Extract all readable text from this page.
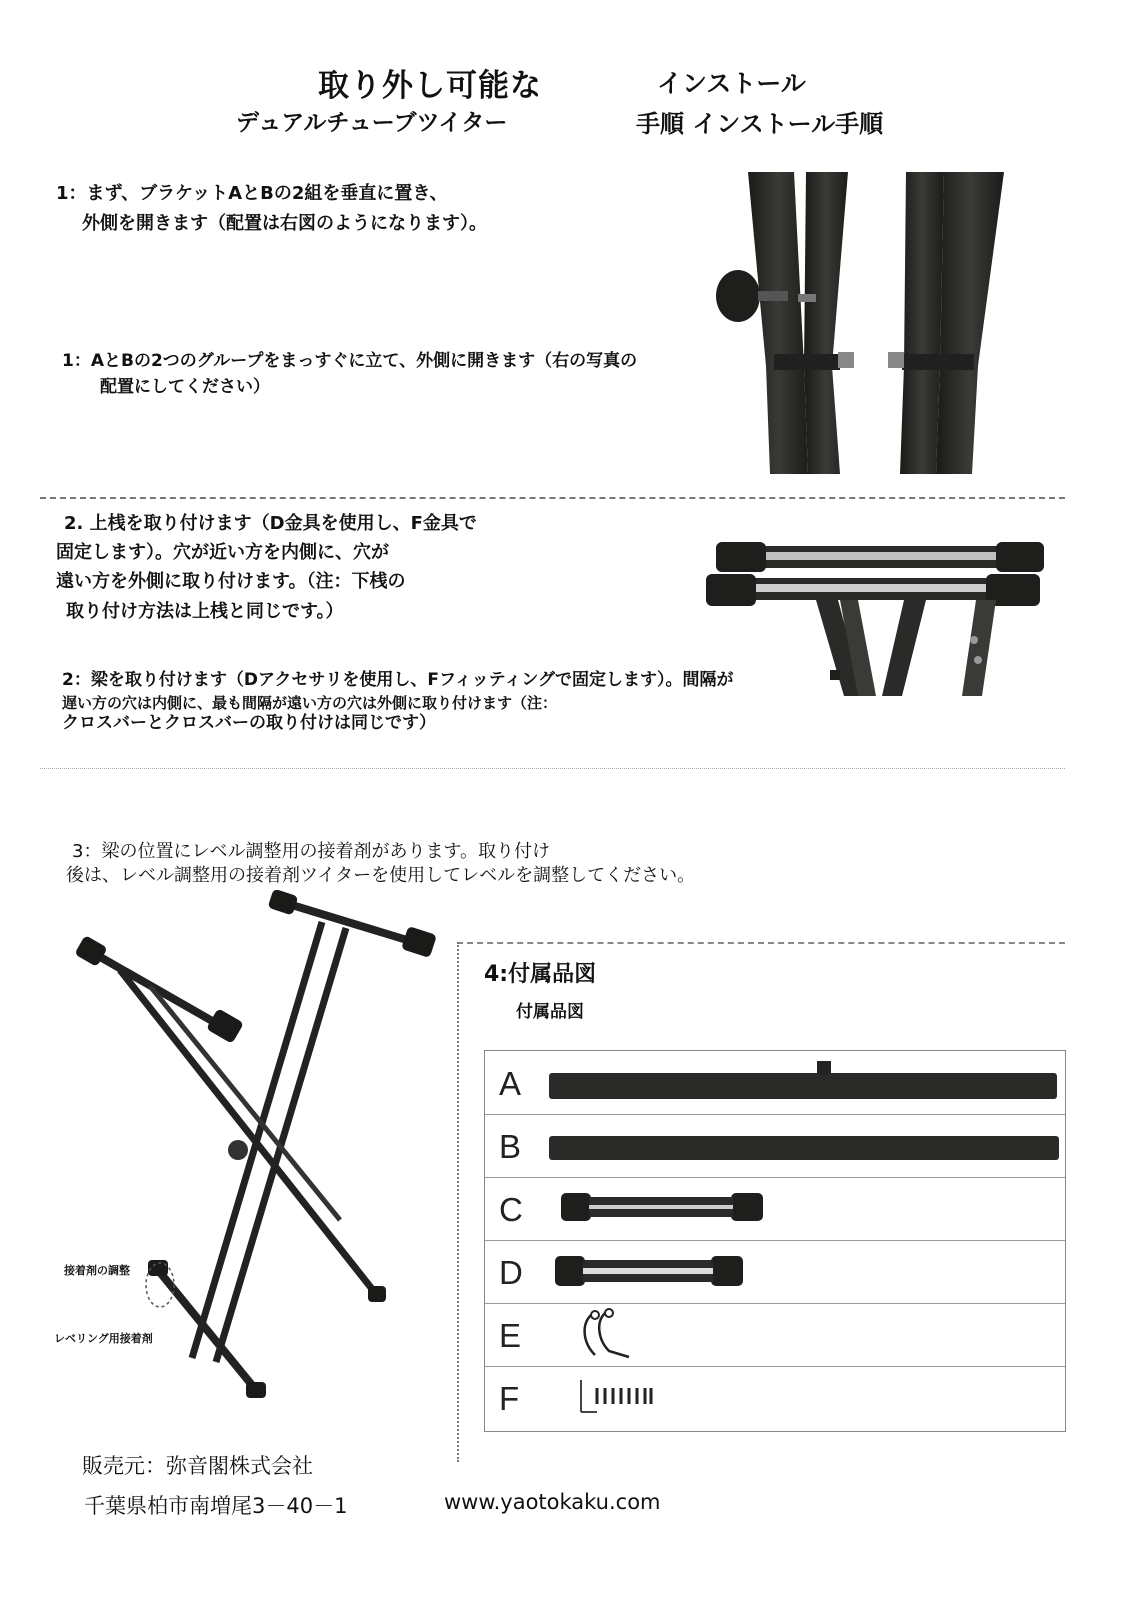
取り外し可能な
デュアルチューブツイター
インストール
手順 インストール手順
1：まず、ブラケットAとBの2組を垂直に置き、
外側を開きます（配置は右図のようになります）。
1：AとBの2つのグループをまっすぐに立て、外側に開きます（右の写真の
配置にしてください）
2. 上桟を取り付けます（D金具を使用し、F金具で
固定します）。穴が近い方を内側に、穴が
遠い方を外側に取り付けます。（注：下桟の
取り付け方法は上桟と同じです。）
2：梁を取り付けます（Dアクセサリを使用し、Fフィッティングで固定します）。間隔が
遅い方の穴は内側に、最も間隔が遠い方の穴は外側に取り付けます（注：
クロスバーとクロスバーの取り付けは同じです）
3：梁の位置にレベル調整用の接着剤があります。取り付け
後は、レベル調整用の接着剤ツイターを使用してレベルを調整してください。
接着剤の調整
レベリング用接着剤
4:付属品図
付属品図
A
B
C
D
E
F
販売元：弥音閣株式会社
千葉県柏市南増尾3－40－1	www.yaotokaku.com
